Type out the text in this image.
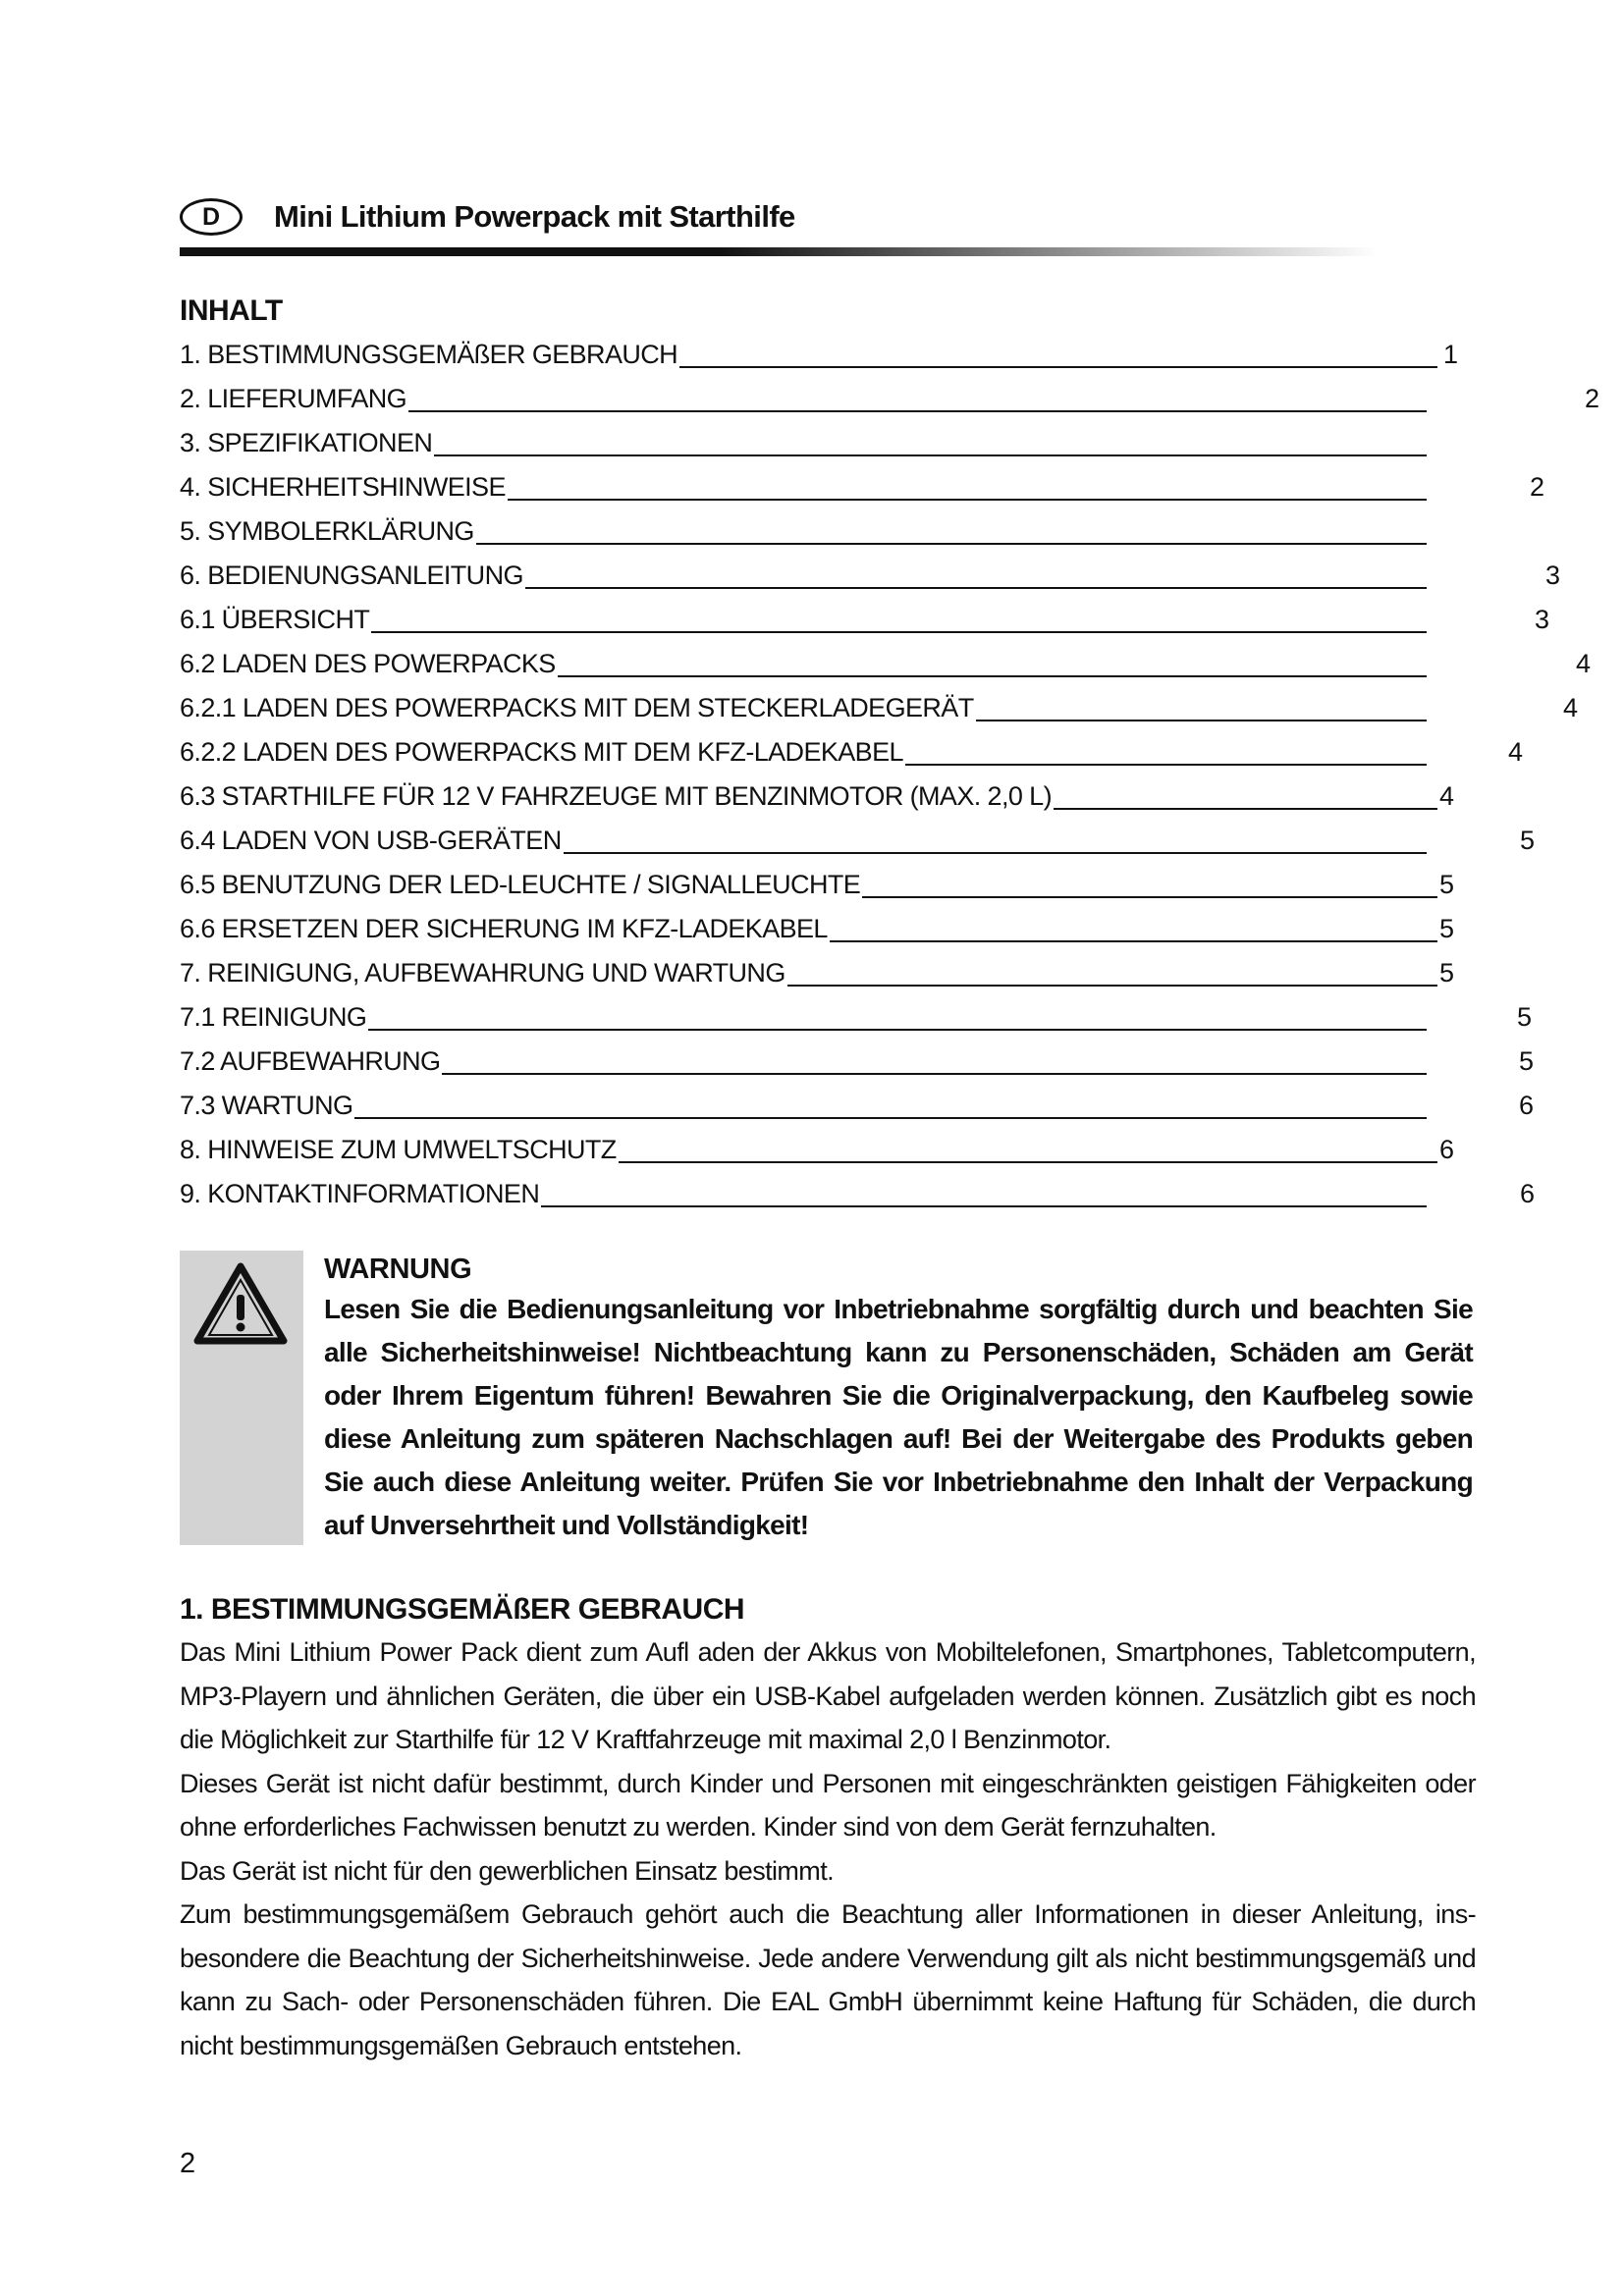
D	Mini Lithium Powerpack mit Starthilfe
INHALT
1. BESTIMMUNGSGEMÄßER GEBRAUCH	1
2. LIEFERUMFANG	2
3. SPEZIFIKATIONEN
4. SICHERHEITSHINWEISE	2
5. SYMBOLERKLÄRUNG
6. BEDIENUNGSANLEITUNG	3
6.1 ÜBERSICHT	3
6.2 LADEN DES POWERPACKS	4
6.2.1 LADEN DES POWERPACKS MIT DEM STECKERLADEGERÄT	4
6.2.2 LADEN DES POWERPACKS MIT DEM KFZ-LADEKABEL	4
6.3 STARTHILFE FÜR 12 V FAHRZEUGE MIT BENZINMOTOR (MAX. 2,0 L)	4
6.4 LADEN VON USB-GERÄTEN	5
6.5 BENUTZUNG DER LED-LEUCHTE / SIGNALLEUCHTE	5
6.6 ERSETZEN DER SICHERUNG IM KFZ-LADEKABEL	5
7. REINIGUNG, AUFBEWAHRUNG UND WARTUNG	5
7.1 REINIGUNG	5
7.2 AUFBEWAHRUNG	5
7.3 WARTUNG	6
8. HINWEISE ZUM UMWELTSCHUTZ	6
9. KONTAKTINFORMATIONEN	6
WARNUNG
Lesen Sie die Bedienungsanleitung vor Inbetriebnahme sorgfältig durch und beachten Sie alle Sicherheitshinweise! Nichtbeachtung kann zu Personenschäden, Schäden am Gerät oder Ihrem Eigentum führen! Bewahren Sie die Originalverpackung, den Kaufbeleg sowie diese Anleitung zum späteren Nachschlagen auf! Bei der Weitergabe des Produkts geben Sie auch diese Anleitung weiter. Prüfen Sie vor Inbetriebnahme den Inhalt der Verpackung auf Unversehrtheit und Vollständigkeit!
1. BESTIMMUNGSGEMÄßER GEBRAUCH

Das Mini Lithium Power Pack dient zum Aufl aden der Akkus von Mobiltelefonen, Smartphones, Tabletcomputern, MP3-Playern und ähnlichen Geräten, die über ein USB-Kabel aufgeladen werden können. Zusätzlich gibt es noch die Möglichkeit zur Starthilfe für 12 V Kraftfahrzeuge mit maximal 2,0 l Benzinmotor.

Dieses Gerät ist nicht dafür bestimmt, durch Kinder und Personen mit eingeschränkten geistigen Fähigkeiten oder ohne erforderliches Fachwissen benutzt zu werden. Kinder sind von dem Gerät fernzuhalten.

Das Gerät ist nicht für den gewerblichen Einsatz bestimmt.

Zum bestimmungsgemäßem Gebrauch gehört auch die Beachtung aller Informationen in dieser Anleitung, ins-besondere die Beachtung der Sicherheitshinweise. Jede andere Verwendung gilt als nicht bestimmungsgemäß und kann zu Sach- oder Personenschäden führen. Die EAL GmbH übernimmt keine Haftung für Schäden, die durch nicht bestimmungsgemäßen Gebrauch entstehen.

2
